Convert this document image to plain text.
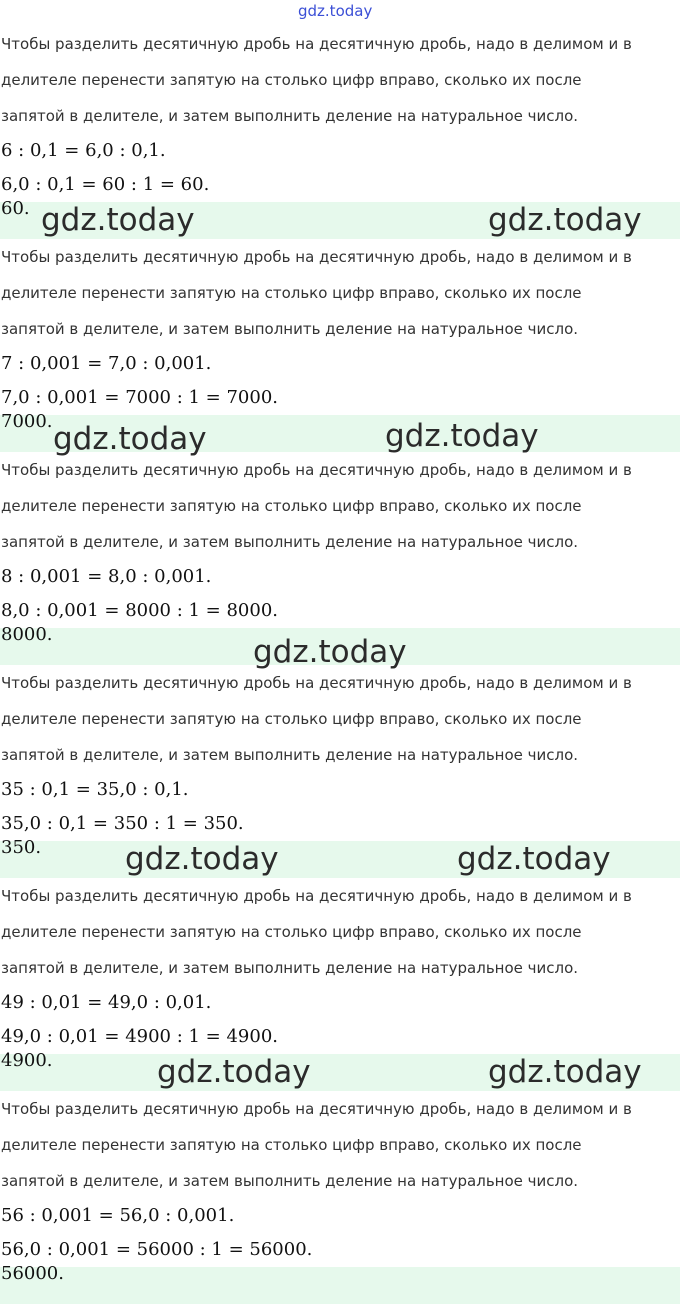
gdz.today
Чтобы разделить десятичную дробь на десятичную дробь, надо в делимом и в
делителе перенести запятую на столько цифр вправо, сколько их после
запятой в делителе, и затем выполнить деление на натуральное число.
6 : 0,1 = 6,0 : 0,1.
6,0 : 0,1 = 60 : 1 = 60.
60. gdz.today	gdz.today
Чтобы разделить десятичную дробь на десятичную дробь, надо в делимом и в
делителе перенести запятую на столько цифр вправо, сколько их после
запятой в делителе, и затем выполнить деление на натуральное число.
7 : 0,001 = 7,0 : 0,001.
7,0 : 0,001 = 7000 : 1 = 7000.
7000. gdz.today	gdz.today
Чтобы разделить десятичную дробь на десятичную дробь, надо в делимом и в
делителе перенести запятую на столько цифр вправо, сколько их после
запятой в делителе, и затем выполнить деление на натуральное число.
8 : 0,001 = 8,0 : 0,001.
8,0 : 0,001 = 8000 : 1 = 8000.
8000.	gdz.today
Чтобы разделить десятичную дробь на десятичную дробь, надо в делимом и в
делителе перенести запятую на столько цифр вправо, сколько их после
запятой в делителе, и затем выполнить деление на натуральное число.
35 : 0,1 = 35,0 : 0,1.
35,0 : 0,1 = 350 : 1 = 350.
350.	gdz.today	gdz.today
Чтобы разделить десятичную дробь на десятичную дробь, надо в делимом и в
делителе перенести запятую на столько цифр вправо, сколько их после
запятой в делителе, и затем выполнить деление на натуральное число.
49 : 0,01 = 49,0 : 0,01.
49,0 : 0,01 = 4900 : 1 = 4900.
4900.	gdz.today	gdz.today
Чтобы разделить десятичную дробь на десятичную дробь, надо в делимом и в
делителе перенести запятую на столько цифр вправо, сколько их после
запятой в делителе, и затем выполнить деление на натуральное число.
56 : 0,001 = 56,0 : 0,001.
56,0 : 0,001 = 56000 : 1 = 56000.
56000.
